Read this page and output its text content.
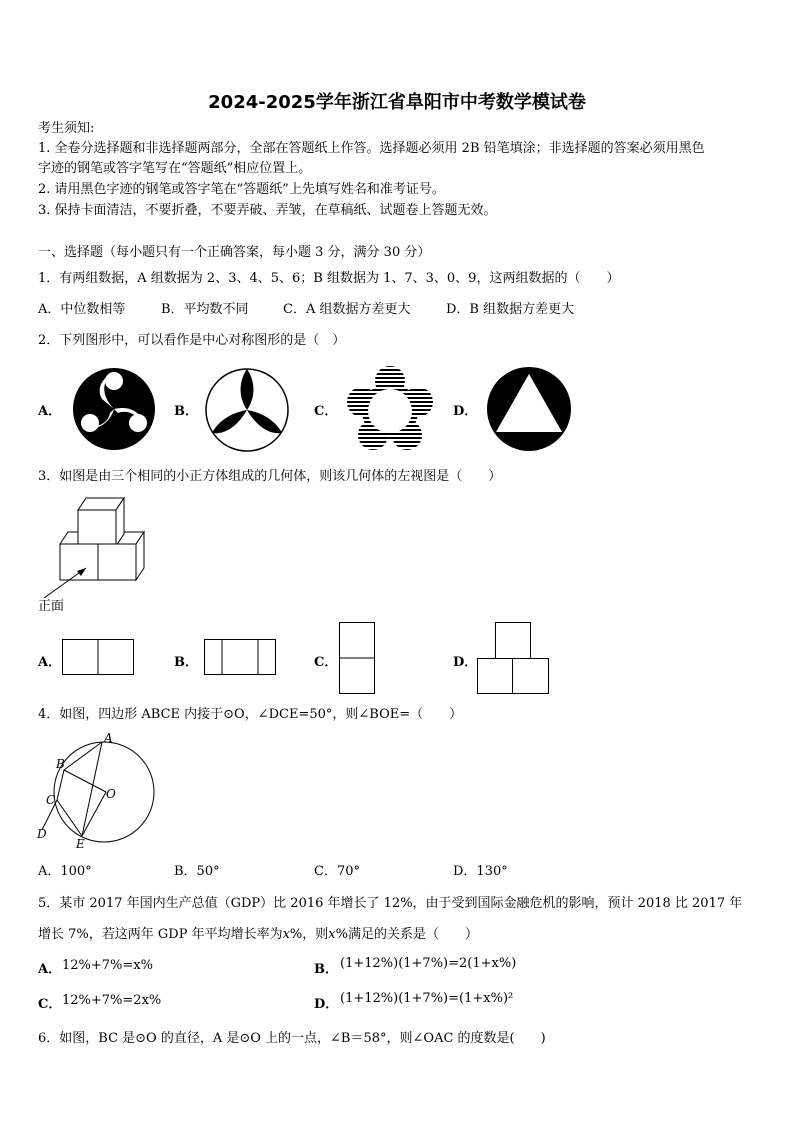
2024-2025学年浙江省阜阳市中考数学模试卷
考生须知:
1. 全卷分选择题和非选择题两部分，全部在答题纸上作答。选择题必须用 2B 铅笔填涂；非选择题的答案必须用黑色
字迹的钢笔或答字笔写在“答题纸”相应位置上。
2. 请用黑色字迹的钢笔或答字笔在“答题纸”上先填写姓名和准考证号。
3. 保持卡面清洁，不要折叠，不要弄破、弄皱，在草稿纸、试题卷上答题无效。
一、选择题（每小题只有一个正确答案，每小题 3 分，满分 30 分）
1．有两组数据，A 组数据为 2、3、4、5、6；B 组数据为 1、7、3、0、9，这两组数据的（　　）
A．中位数相等	B．平均数不同	C．A 组数据方差更大	D．B 组数据方差更大
2．下列图形中，可以看作是中心对称图形的是（　）
A．	B．	C．	D．
3．如图是由三个相同的小正方体组成的几何体，则该几何体的左视图是（　　）
正面
A．	B．	C．	D．
4．如图，四边形 ABCE 内接于⊙O，∠DCE=50°，则∠BOE=（　　）
A
B
C	O
D
E
A．100°	B．50°	C．70°	D．130°
5．某市 2017 年国内生产总值（GDP）比 2016 年增长了 12%，由于受到国际金融危机的影响，预计 2018 比 2017 年
增长 7%，若这两年 GDP 年平均增长率为x%，则x%满足的关系是（　　）
A． 12%+7%=x%	B． (1+12%)(1+7%)=2(1+x%)
C． 12%+7%=2x%	D． (1+12%)(1+7%)=(1+x%)²
6．如图，BC 是⊙O 的直径，A 是⊙O 上的一点，∠B＝58°，则∠OAC 的度数是(　　)
